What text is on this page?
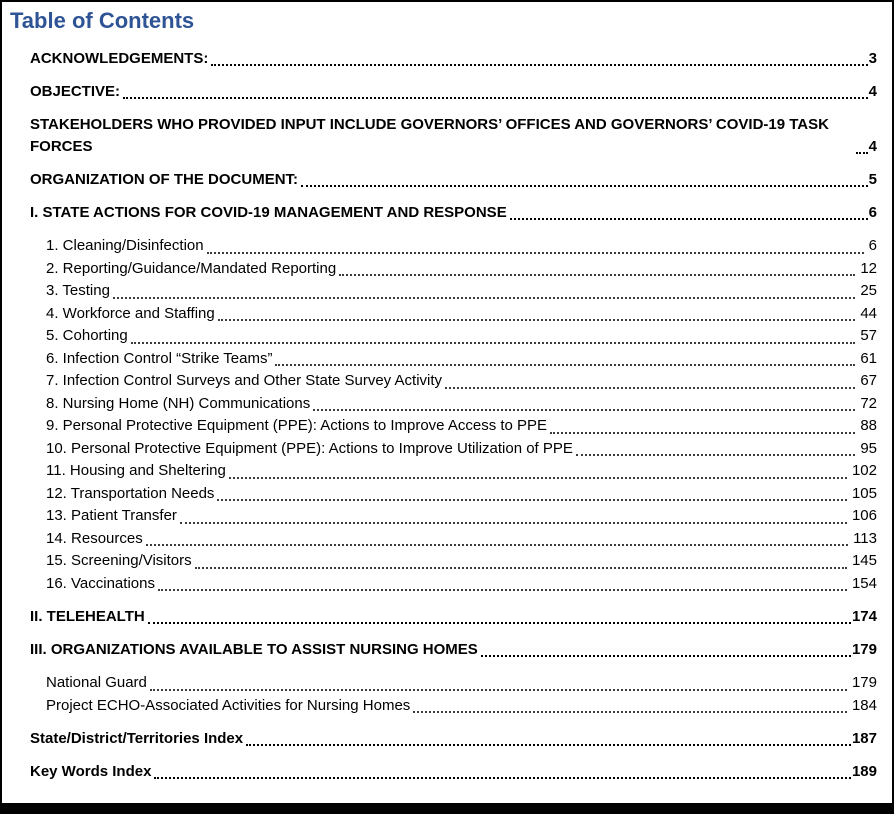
Table of Contents
ACKNOWLEDGEMENTS:	3
OBJECTIVE:	4
STAKEHOLDERS WHO PROVIDED INPUT INCLUDE GOVERNORS’ OFFICES AND GOVERNORS’ COVID-19 TASK FORCES	4
ORGANIZATION OF THE DOCUMENT:	5
I. STATE ACTIONS FOR COVID-19 MANAGEMENT AND RESPONSE	6
1. Cleaning/Disinfection	6
2. Reporting/Guidance/Mandated Reporting	12
3. Testing	25
4. Workforce and Staffing	44
5. Cohorting	57
6. Infection Control “Strike Teams”	61
7. Infection Control Surveys and Other State Survey Activity	67
8. Nursing Home (NH) Communications	72
9. Personal Protective Equipment (PPE): Actions to Improve Access to PPE	88
10. Personal Protective Equipment (PPE): Actions to Improve Utilization of PPE	95
11. Housing and Sheltering	102
12. Transportation Needs	105
13. Patient Transfer	106
14. Resources	113
15. Screening/Visitors	145
16. Vaccinations	154
II. TELEHEALTH	174
III. ORGANIZATIONS AVAILABLE TO ASSIST NURSING HOMES	179
National Guard	179
Project ECHO-Associated Activities for Nursing Homes	184
State/District/Territories Index	187
Key Words Index	189
